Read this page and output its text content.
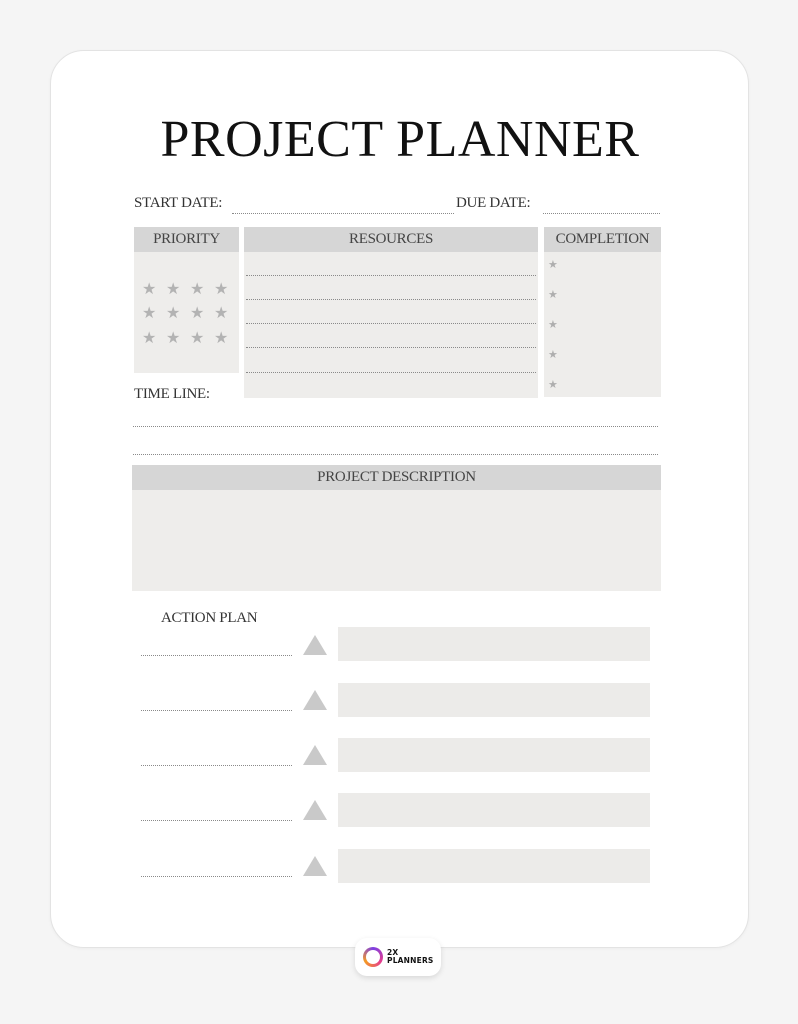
PROJECT PLANNER
START DATE:	DUE DATE:
PRIORITY
★ ★ ★ ★
★ ★ ★ ★
★ ★ ★ ★
RESOURCES	COMPLETION
★
★
★
★
★
TIME LINE:
PROJECT DESCRIPTION
ACTION PLAN
2X
PLANNERS
